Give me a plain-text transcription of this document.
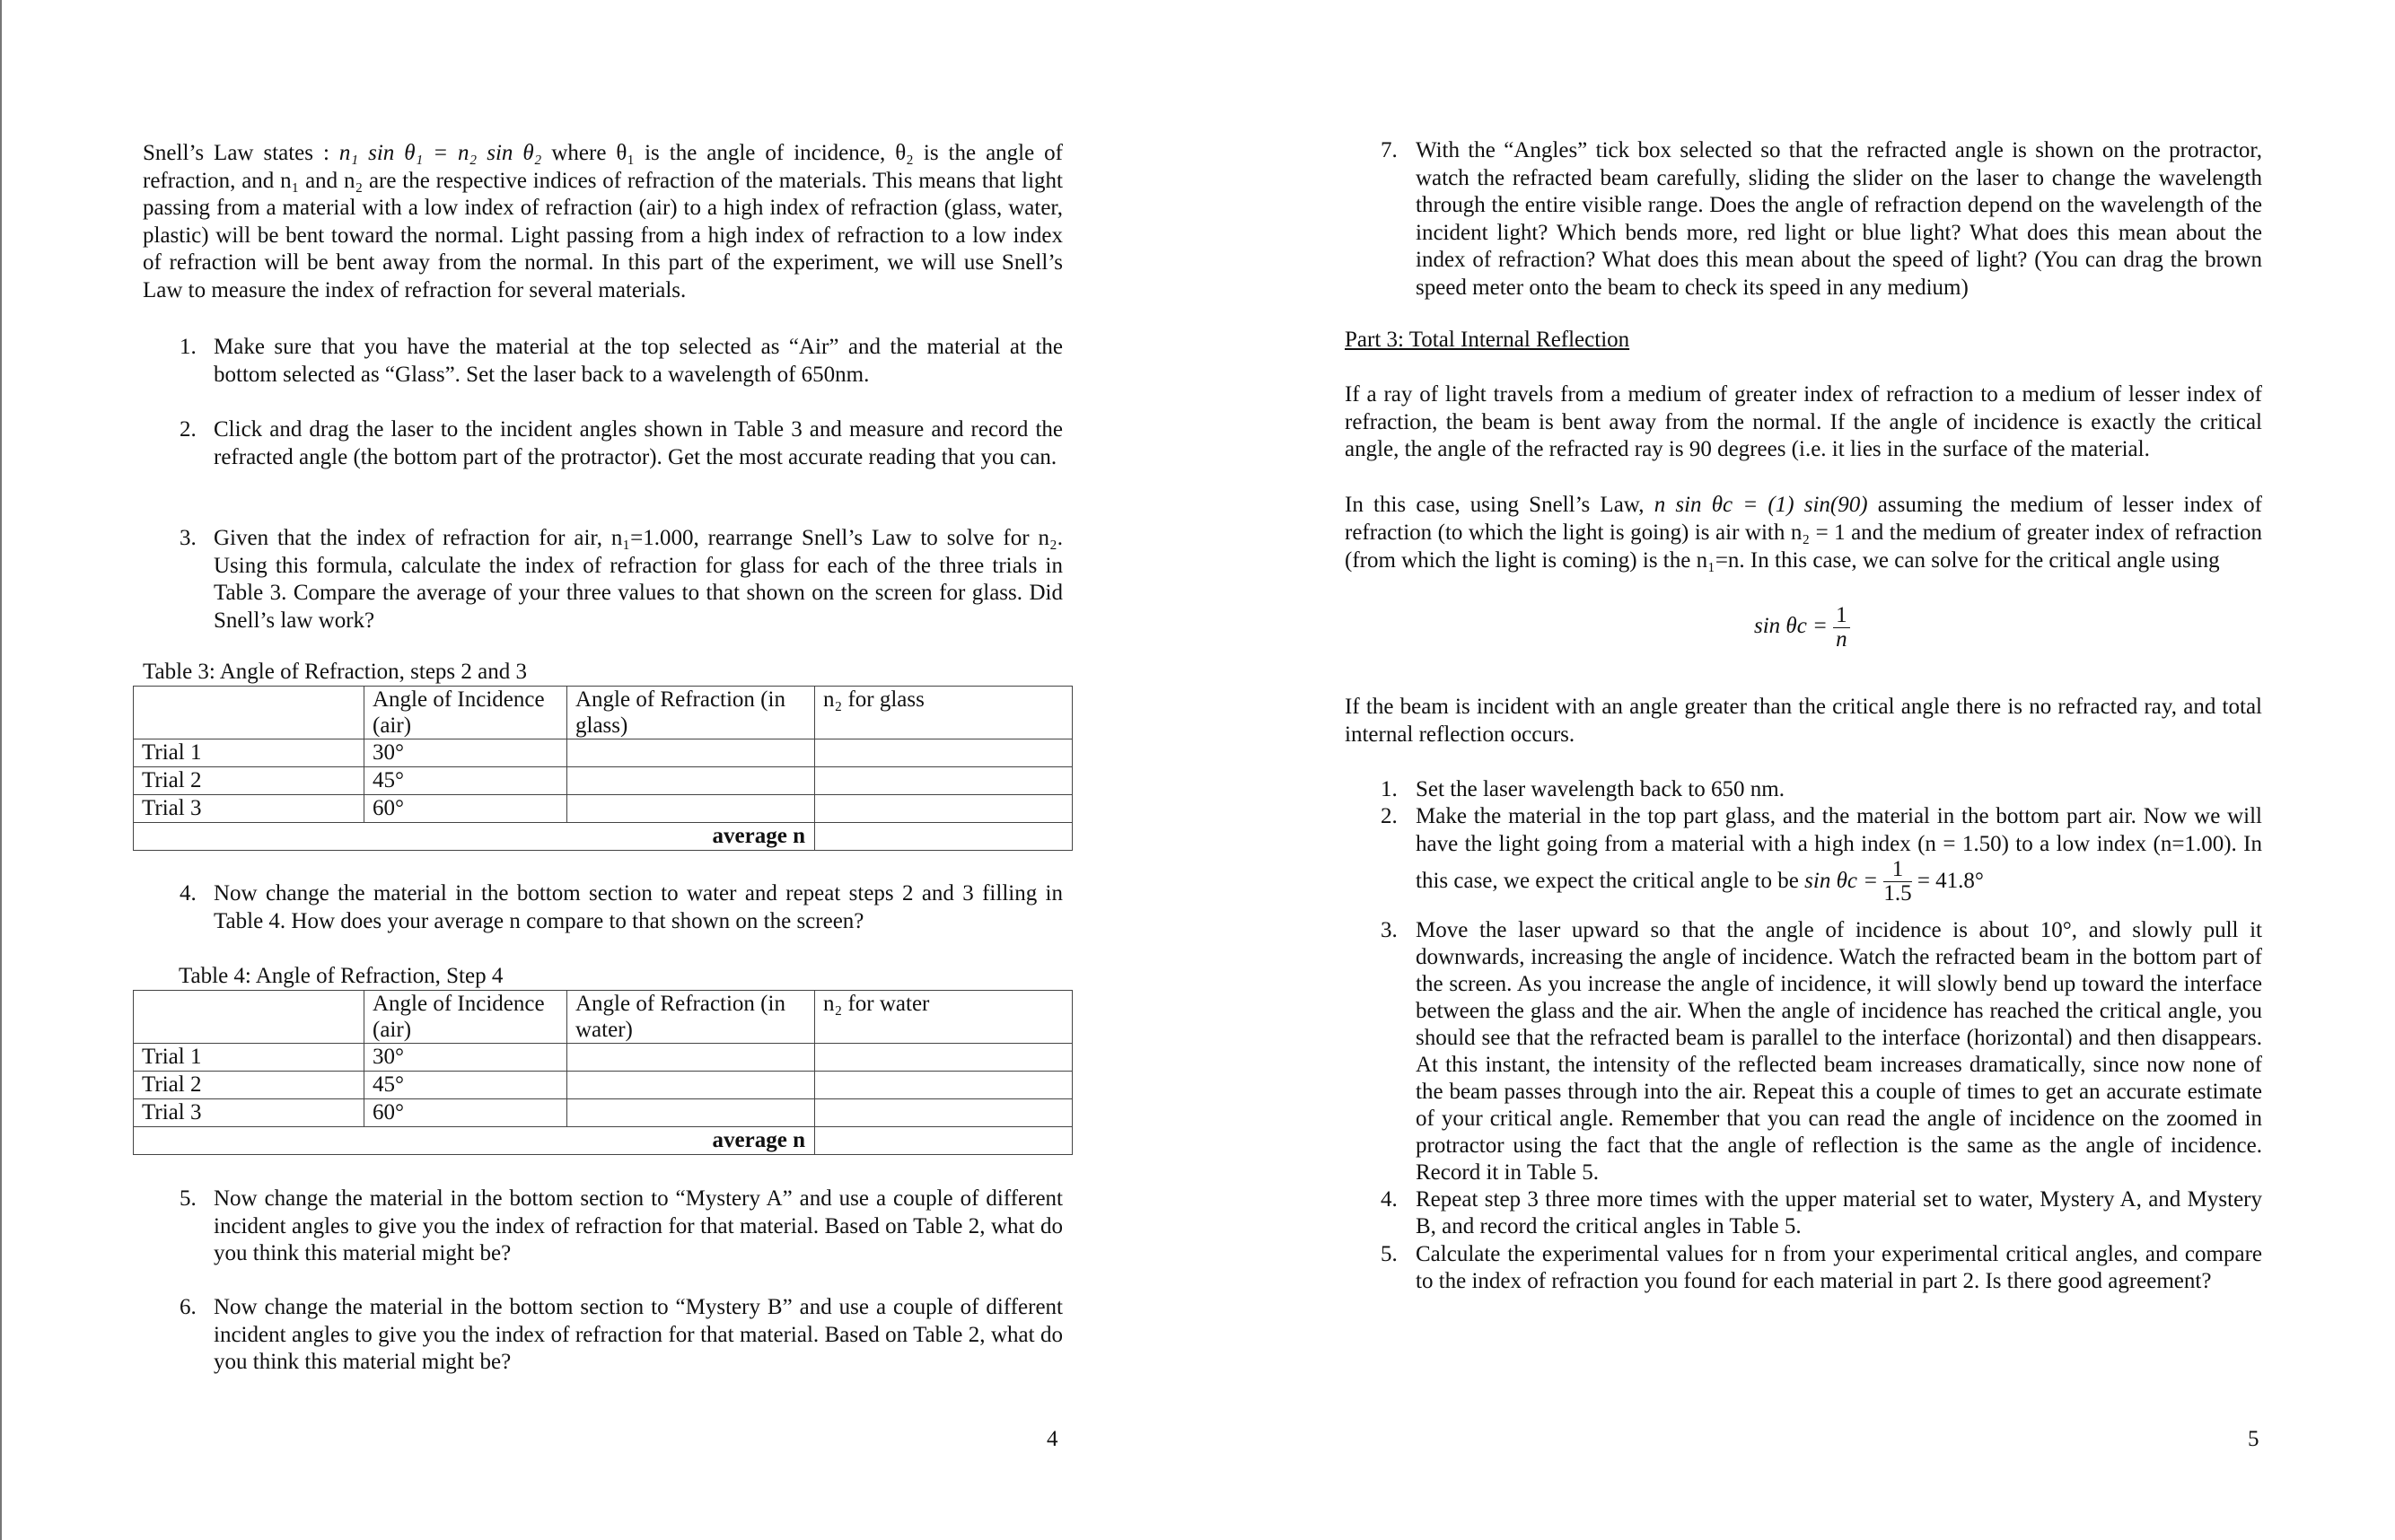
Snell’s Law states : n₁ sin θ₁ = n₂ sin θ₂ where θ₁ is the angle of incidence, θ₂ is the angle of refraction, and n₁ and n₂ are the respective indices of refraction of the materials. This means that light passing from a material with a low index of refraction (air) to a high index of refraction (glass, water, plastic) will be bent toward the normal. Light passing from a high index of refraction to a low index of refraction will be bent away from the normal. In this part of the experiment, we will use Snell’s Law to measure the index of refraction for several materials.
1. Make sure that you have the material at the top selected as “Air” and the material at the bottom selected as “Glass”. Set the laser back to a wavelength of 650nm.
2. Click and drag the laser to the incident angles shown in Table 3 and measure and record the refracted angle (the bottom part of the protractor). Get the most accurate reading that you can.
3. Given that the index of refraction for air, n₁=1.000, rearrange Snell’s Law to solve for n₂. Using this formula, calculate the index of refraction for glass for each of the three trials in Table 3. Compare the average of your three values to that shown on the screen for glass. Did Snell’s law work?
Table 3: Angle of Refraction, steps 2 and 3
	Angle of Incidence (air)	Angle of Refraction (in glass)	n₂ for glass
Trial 1	30°		
Trial 2	45°		
Trial 3	60°		
average n			
4. Now change the material in the bottom section to water and repeat steps 2 and 3 filling in Table 4. How does your average n compare to that shown on the screen?
Table 4: Angle of Refraction, Step 4
	Angle of Incidence (air)	Angle of Refraction (in water)	n₂ for water
Trial 1	30°		
Trial 2	45°		
Trial 3	60°		
average n			
5. Now change the material in the bottom section to “Mystery A” and use a couple of different incident angles to give you the index of refraction for that material. Based on Table 2, what do you think this material might be?
6. Now change the material in the bottom section to “Mystery B” and use a couple of different incident angles to give you the index of refraction for that material. Based on Table 2, what do you think this material might be?
4
7. With the “Angles” tick box selected so that the refracted angle is shown on the protractor, watch the refracted beam carefully, sliding the slider on the laser to change the wavelength through the entire visible range. Does the angle of refraction depend on the wavelength of the incident light? Which bends more, red light or blue light? What does this mean about the index of refraction? What does this mean about the speed of light? (You can drag the brown speed meter onto the beam to check its speed in any medium)
Part 3: Total Internal Reflection
If a ray of light travels from a medium of greater index of refraction to a medium of lesser index of refraction, the beam is bent away from the normal. If the angle of incidence is exactly the critical angle, the angle of the refracted ray is 90 degrees (i.e. it lies in the surface of the material.
In this case, using Snell’s Law, n sin θc = (1) sin(90) assuming the medium of lesser index of refraction (to which the light is going) is air with n₂ = 1 and the medium of greater index of refraction (from which the light is coming) is the n₁=n. In this case, we can solve for the critical angle using
$\sin \theta c = \frac{1}{n}$
If the beam is incident with an angle greater than the critical angle there is no refracted ray, and total internal reflection occurs.
1. Set the laser wavelength back to 650 nm.
2. Make the material in the top part glass, and the material in the bottom part air. Now we will have the light going from a material with a high index (n = 1.50) to a low index (n=1.00). In this case, we expect the critical angle to be $\sin \theta c = \frac{1}{1.5} = 41.8^\circ$
3. Move the laser upward so that the angle of incidence is about 10°, and slowly pull it downwards, increasing the angle of incidence. Watch the refracted beam in the bottom part of the screen. As you increase the angle of incidence, it will slowly bend up toward the interface between the glass and the air. When the angle of incidence has reached the critical angle, you should see that the refracted beam is parallel to the interface (horizontal) and then disappears. At this instant, the intensity of the reflected beam increases dramatically, since now none of the beam passes through into the air. Repeat this a couple of times to get an accurate estimate of your critical angle. Remember that you can read the angle of incidence on the zoomed in protractor using the fact that the angle of reflection is the same as the angle of incidence. Record it in Table 5.
4. Repeat step 3 three more times with the upper material set to water, Mystery A, and Mystery B, and record the critical angles in Table 5.
5. Calculate the experimental values for n from your experimental critical angles, and compare to the index of refraction you found for each material in part 2. Is there good agreement?
5
